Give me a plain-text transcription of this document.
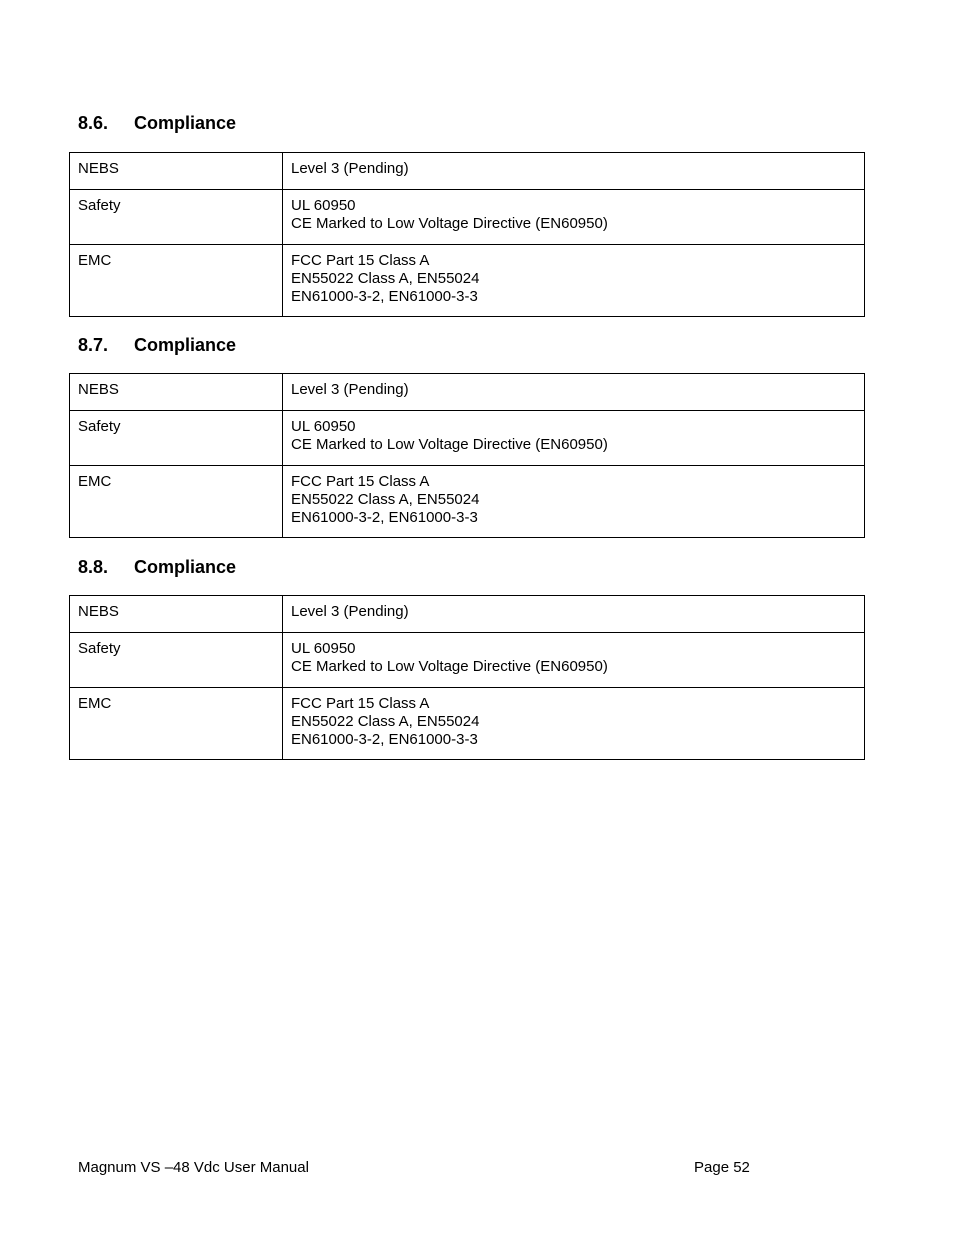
8.6. Compliance
NEBS	Level 3 (Pending)

Safety	UL 60950
CE Marked to Low Voltage Directive (EN60950)

EMC	FCC Part 15 Class A
EN55022 Class A, EN55024
EN61000-3-2, EN61000-3-3
8.7. Compliance
NEBS	Level 3 (Pending)

Safety	UL 60950
CE Marked to Low Voltage Directive (EN60950)

EMC	FCC Part 15 Class A
EN55022 Class A, EN55024
EN61000-3-2, EN61000-3-3
8.8. Compliance
NEBS	Level 3 (Pending)

Safety	UL 60950
CE Marked to Low Voltage Directive (EN60950)

EMC	FCC Part 15 Class A
EN55022 Class A, EN55024
EN61000-3-2, EN61000-3-3
Magnum VS –48 Vdc User Manual	Page 52
